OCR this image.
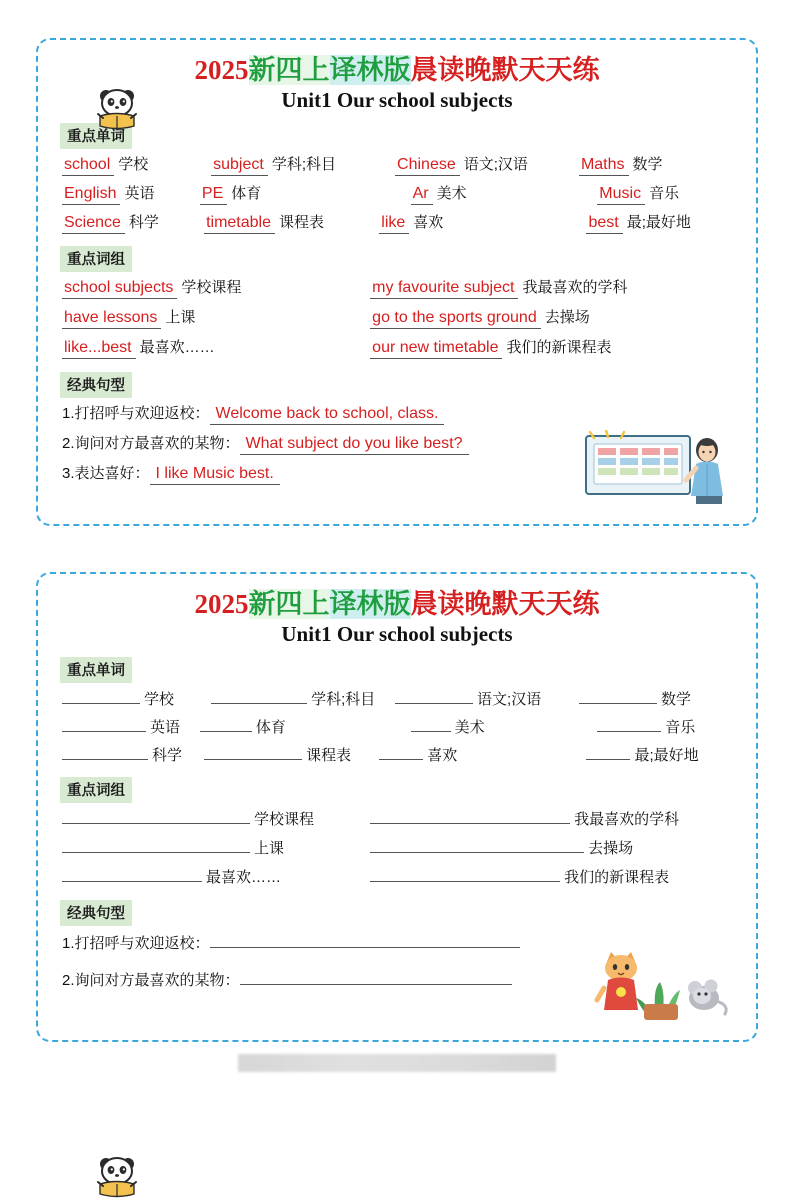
2025新四上译林版晨读晚默天天练
Unit1 Our school subjects
重点单词
school 学校	subject 学科;科目	Chinese 语文;汉语	Maths 数学
English 英语	PE 体育	Ar 美术	Music 音乐
Science 科学	timetable 课程表	like 喜欢	best 最;最好地
重点词组
school subjects 学校课程	my favourite subject 我最喜欢的学科
have lessons 上课	go to the sports ground 去操场
like...best 最喜欢……	our new timetable 我们的新课程表
经典句型
1.打招呼与欢迎返校： Welcome back to school, class.
2.询问对方最喜欢的某物： What subject do you like best?
3.表达喜好： I like Music best.
2025新四上译林版晨读晚默天天练
Unit1 Our school subjects
重点单词
学校	学科;科目	语文;汉语	数学
英语	体育	美术	音乐
科学	课程表	喜欢	最;最好地
重点词组
学校课程	我最喜欢的学科
上课	去操场
最喜欢……	我们的新课程表
经典句型
1.打招呼与欢迎返校：
2.询问对方最喜欢的某物：
